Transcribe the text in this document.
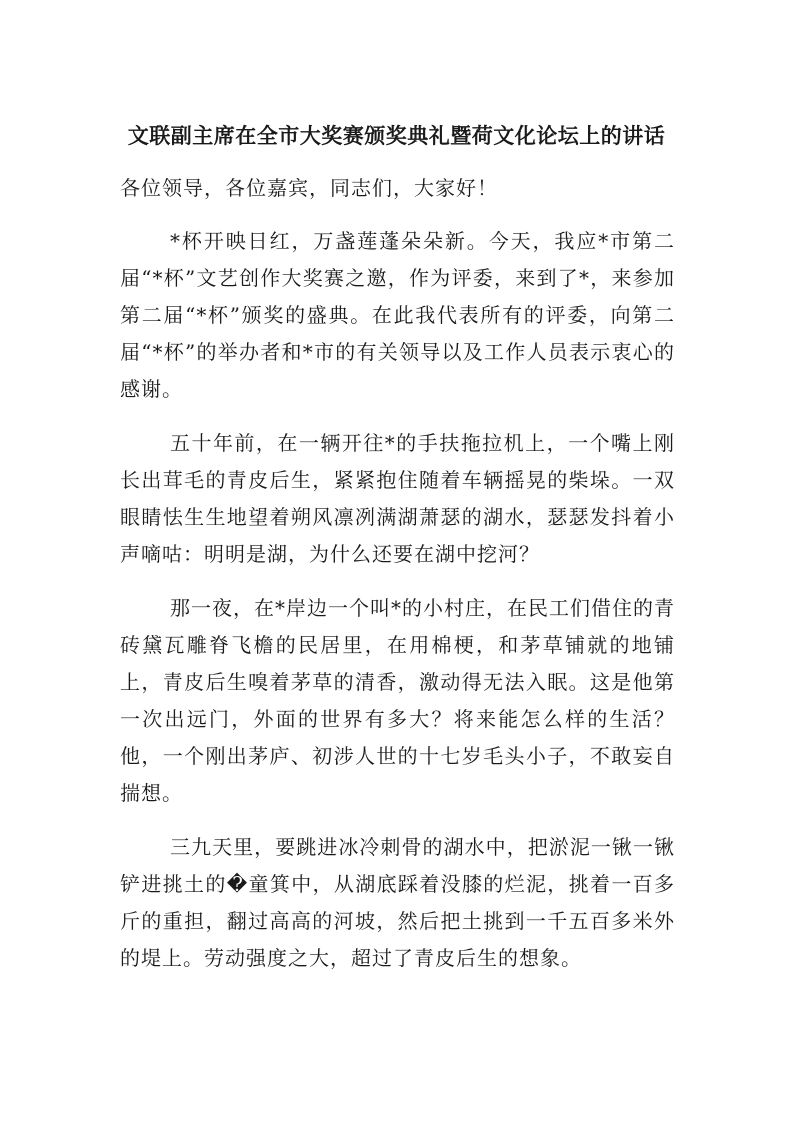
文联副主席在全市大奖赛颁奖典礼暨荷文化论坛上的讲话

各位领导，各位嘉宾，同志们，大家好！

*杯开映日红，万盏莲蓬朵朵新。今天，我应*市第二届“*杯”文艺创作大奖赛之邀，作为评委，来到了*，来参加第二届“*杯”颁奖的盛典。在此我代表所有的评委，向第二届“*杯”的举办者和*市的有关领导以及工作人员表示衷心的感谢。

五十年前，在一辆开往*的手扶拖拉机上，一个嘴上刚长出茸毛的青皮后生，紧紧抱住随着车辆摇晃的柴垛。一双眼睛怯生生地望着朔风凛冽满湖萧瑟的湖水，瑟瑟发抖着小声嘀咕：明明是湖，为什么还要在湖中挖河？

那一夜，在*岸边一个叫*的小村庄，在民工们借住的青砖黛瓦雕脊飞檐的民居里，在用棉梗，和茅草铺就的地铺上，青皮后生嗅着茅草的清香，激动得无法入眠。这是他第一次出远门，外面的世界有多大？将来能怎么样的生活？他，一个刚出茅庐、初涉人世的十七岁毛头小子，不敢妄自揣想。

三九天里，要跳进冰冷刺骨的湖水中，把淤泥一锹一锹铲进挑土的�童箕中，从湖底踩着没膝的烂泥，挑着一百多斤的重担，翻过高高的河坡，然后把土挑到一千五百多米外的堤上。劳动强度之大，超过了青皮后生的想象。
